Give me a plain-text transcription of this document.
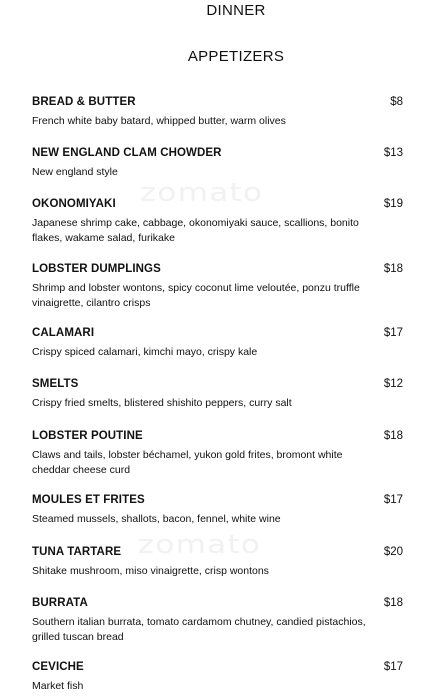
DINNER
APPETIZERS
zomato
zomato
BREAD & BUTTER	$8
French white baby batard, whipped butter, warm olives
NEW ENGLAND CLAM CHOWDER	$13
New england style
OKONOMIYAKI	$19
Japanese shrimp cake, cabbage, okonomiyaki sauce, scallions, bonito flakes, wakame salad, furikake
LOBSTER DUMPLINGS	$18
Shrimp and lobster wontons, spicy coconut lime veloutée, ponzu truffle vinaigrette, cilantro crisps
CALAMARI	$17
Crispy spiced calamari, kimchi mayo, crispy kale
SMELTS	$12
Crispy fried smelts, blistered shishito peppers, curry salt
LOBSTER POUTINE	$18
Claws and tails, lobster béchamel, yukon gold frites, bromont white cheddar cheese curd
MOULES ET FRITES	$17
Steamed mussels, shallots, bacon, fennel, white wine
TUNA TARTARE	$20
Shitake mushroom, miso vinaigrette, crisp wontons
BURRATA	$18
Southern italian burrata, tomato cardamom chutney, candied pistachios, grilled tuscan bread
CEVICHE	$17
Market fish
